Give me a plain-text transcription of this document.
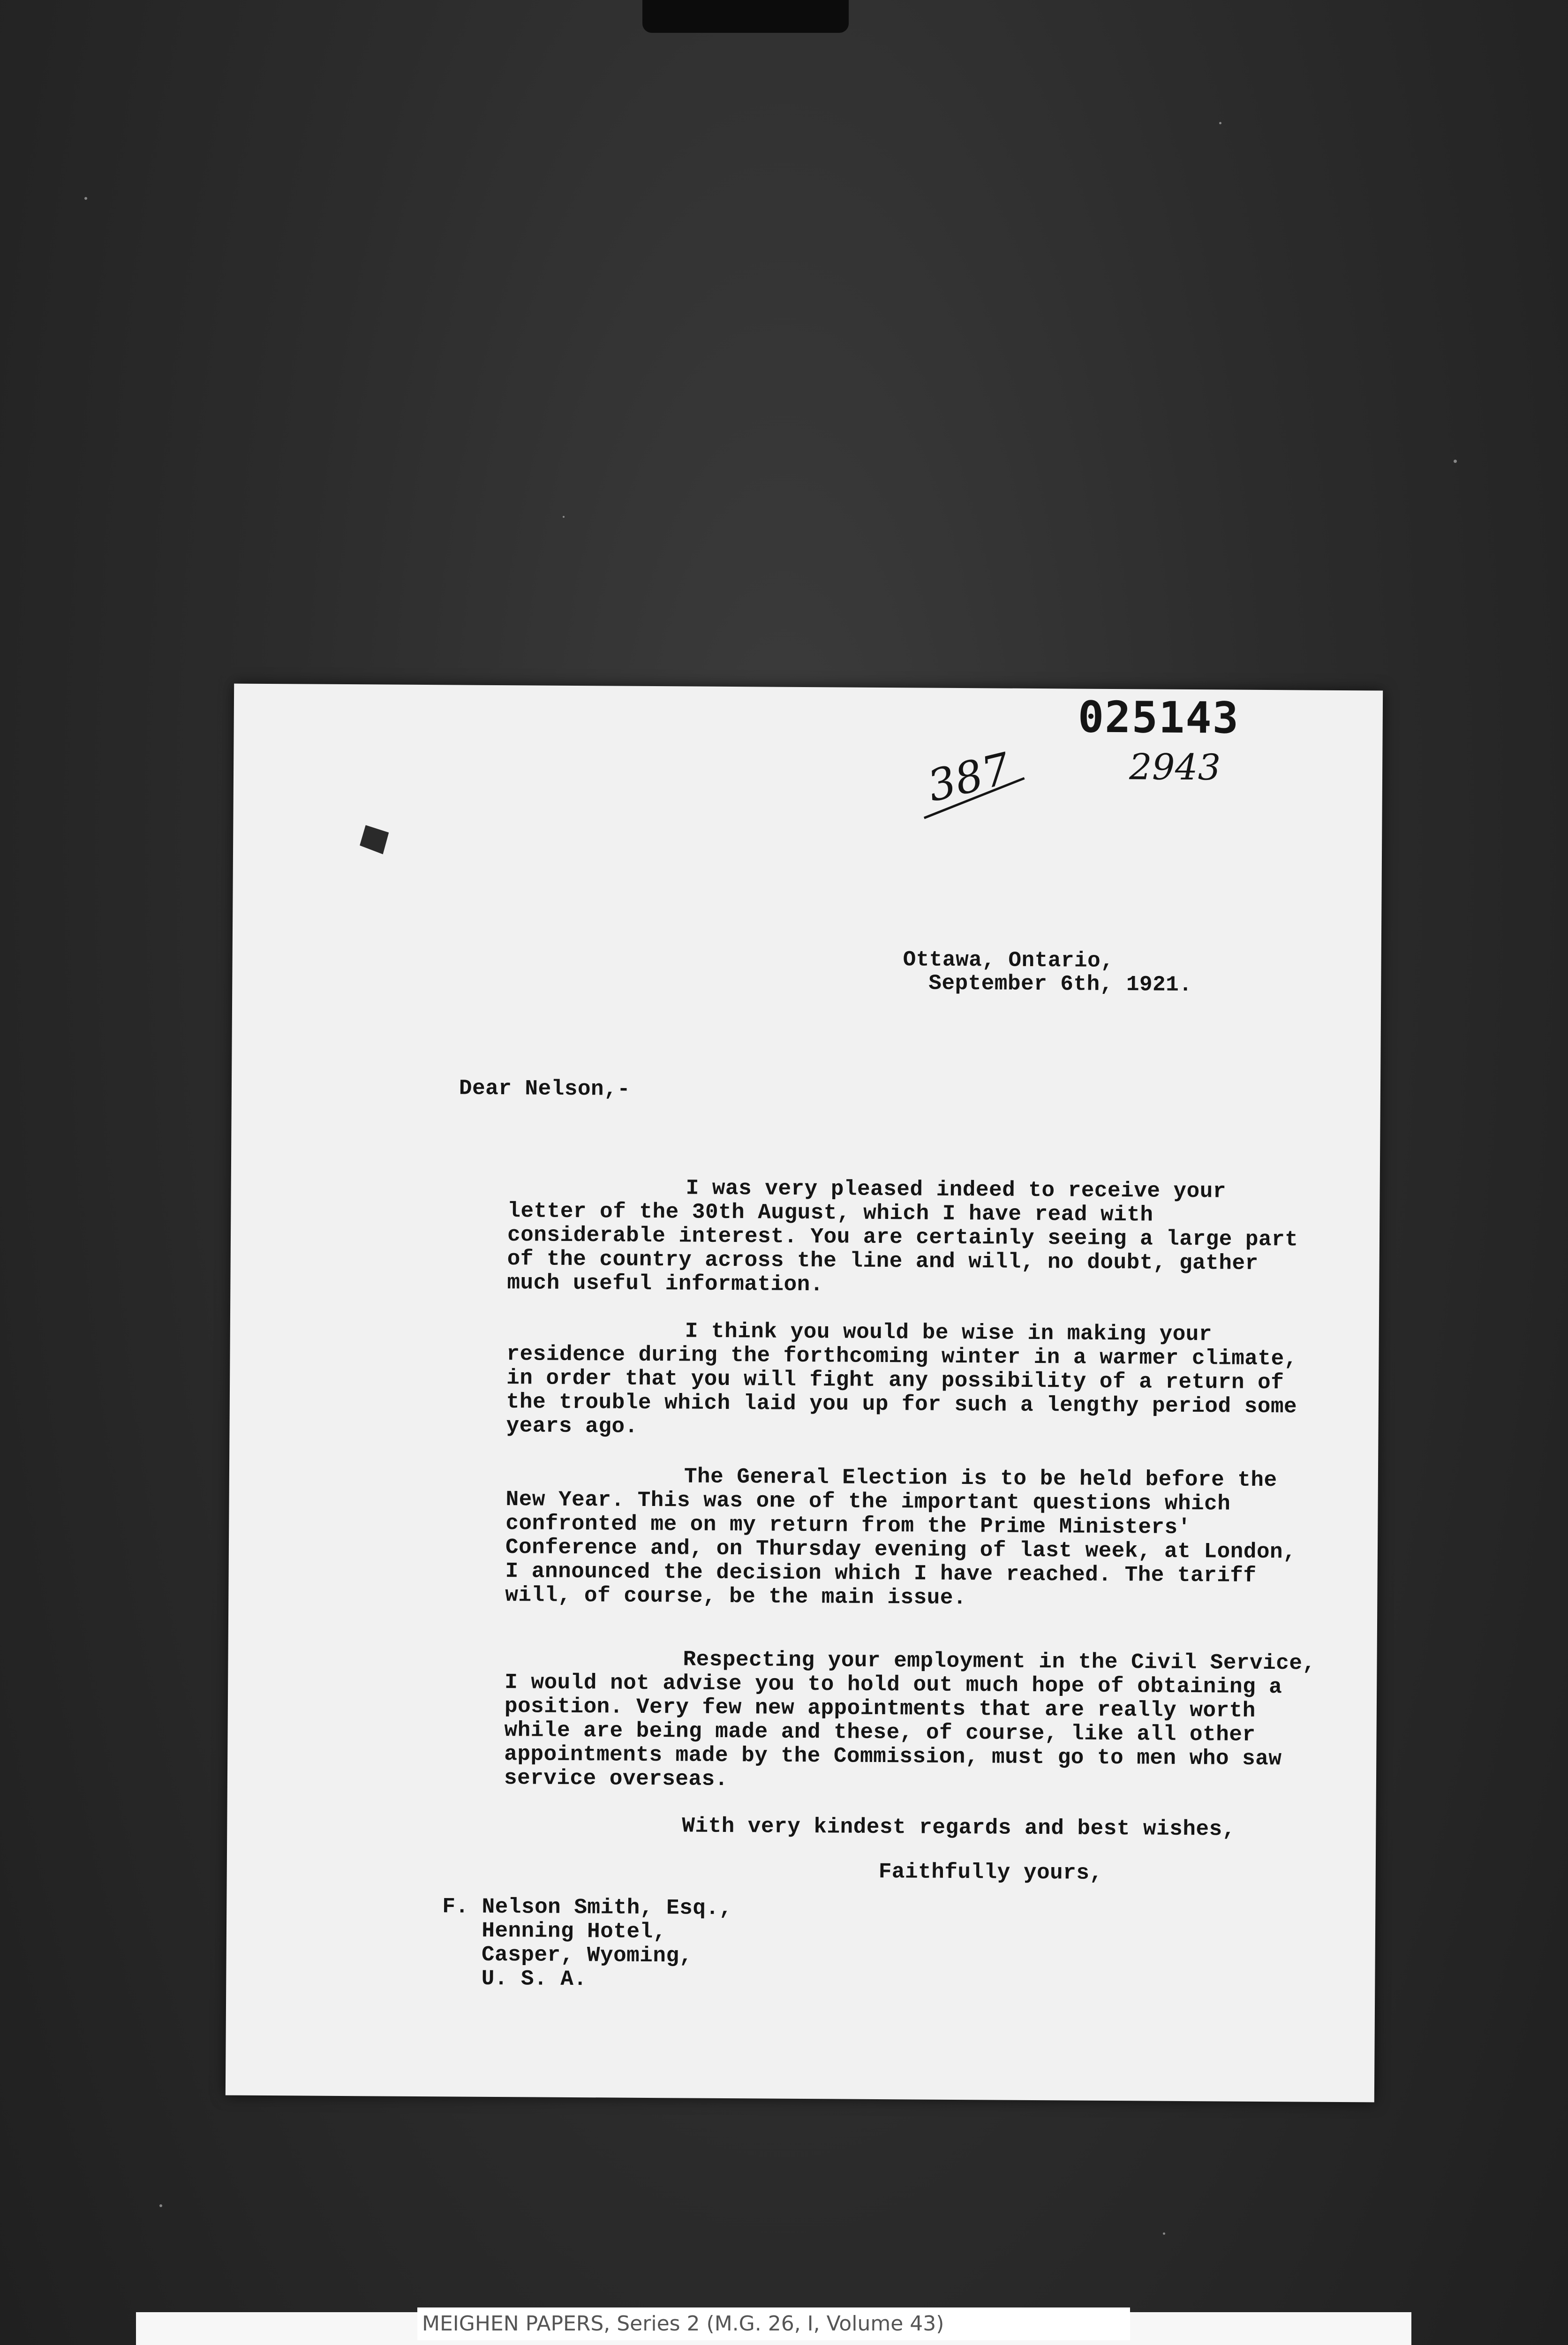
025143
2943
387
Ottawa, Ontario,
September 6th, 1921.
Dear Nelson,-

I was very pleased indeed to receive your letter of the 30th August, which I have read with considerable interest. You are certainly seeing a large part of the country across the line and will, no doubt, gather much useful information.

I think you would be wise in making your residence during the forthcoming winter in a warmer climate, in order that you will fight any possibility of a return of the trouble which laid you up for such a lengthy period some years ago.

The General Election is to be held before the New Year. This was one of the important questions which confronted me on my return from the Prime Ministers' Conference and, on Thursday evening of last week, at London, I announced the decision which I have reached. The tariff will, of course, be the main issue.

Respecting your employment in the Civil Service, I would not advise you to hold out much hope of obtaining a position. Very few new appointments that are really worth while are being made and these, of course, like all other appointments made by the Commission, must go to men who saw service overseas.

With very kindest regards and best wishes,
Faithfully yours,
F. Nelson Smith, Esq.,
Henning Hotel,
Casper, Wyoming,
U. S. A.
MEIGHEN PAPERS, Series 2 (M.G. 26, I, Volume 43)
